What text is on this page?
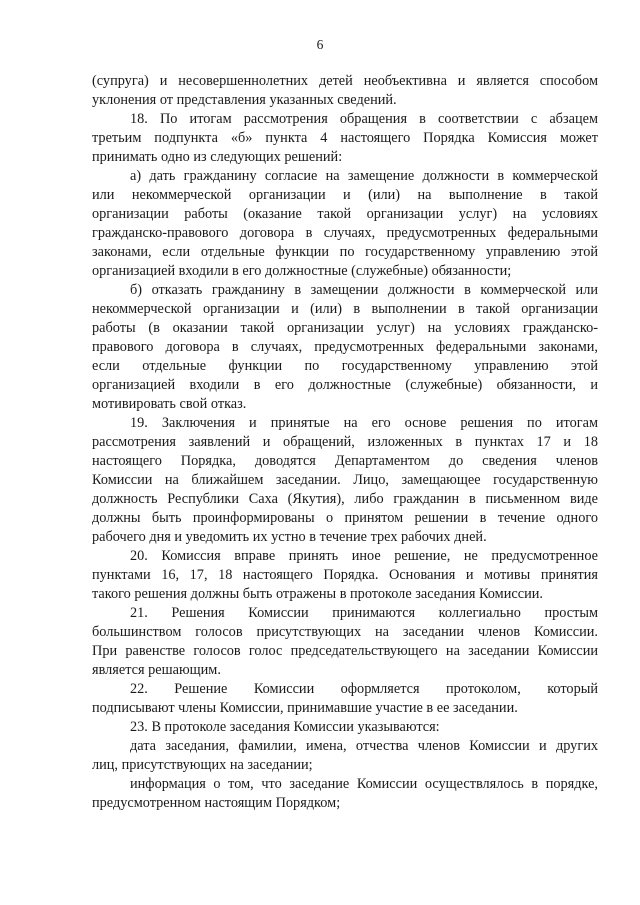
6
(супруга) и несовершеннолетних детей необъективна и является способом
уклонения от представления указанных сведений.
18. По итогам рассмотрения обращения в соответствии с абзацем
третьим подпункта «б» пункта 4 настоящего Порядка Комиссия может
принимать одно из следующих решений:
а) дать гражданину согласие на замещение должности в коммерческой
или некоммерческой организации и (или) на выполнение в такой
организации работы (оказание такой организации услуг) на условиях
гражданско-правового договора в случаях, предусмотренных федеральными
законами, если отдельные функции по государственному управлению этой
организацией входили в его должностные (служебные) обязанности;
б) отказать гражданину в замещении должности в коммерческой или
некоммерческой организации и (или) в выполнении в такой организации
работы (в оказании такой организации услуг) на условиях гражданско-
правового договора в случаях, предусмотренных федеральными законами,
если отдельные функции по государственному управлению этой
организацией входили в его должностные (служебные) обязанности, и
мотивировать свой отказ.
19. Заключения и принятые на его основе решения по итогам
рассмотрения заявлений и обращений, изложенных в пунктах 17 и 18
настоящего Порядка, доводятся Департаментом до сведения членов
Комиссии на ближайшем заседании. Лицо, замещающее государственную
должность Республики Саха (Якутия), либо гражданин в письменном виде
должны быть проинформированы о принятом решении в течение одного
рабочего дня и уведомить их устно в течение трех рабочих дней.
20. Комиссия вправе принять иное решение, не предусмотренное
пунктами 16, 17, 18 настоящего Порядка. Основания и мотивы принятия
такого решения должны быть отражены в протоколе заседания Комиссии.
21. Решения Комиссии принимаются коллегиально простым
большинством голосов присутствующих на заседании членов Комиссии.
При равенстве голосов голос председательствующего на заседании Комиссии
является решающим.
22. Решение Комиссии оформляется протоколом, который
подписывают члены Комиссии, принимавшие участие в ее заседании.
23. В протоколе заседания Комиссии указываются:
дата заседания, фамилии, имена, отчества членов Комиссии и других
лиц, присутствующих на заседании;
информация о том, что заседание Комиссии осуществлялось в порядке,
предусмотренном настоящим Порядком;
